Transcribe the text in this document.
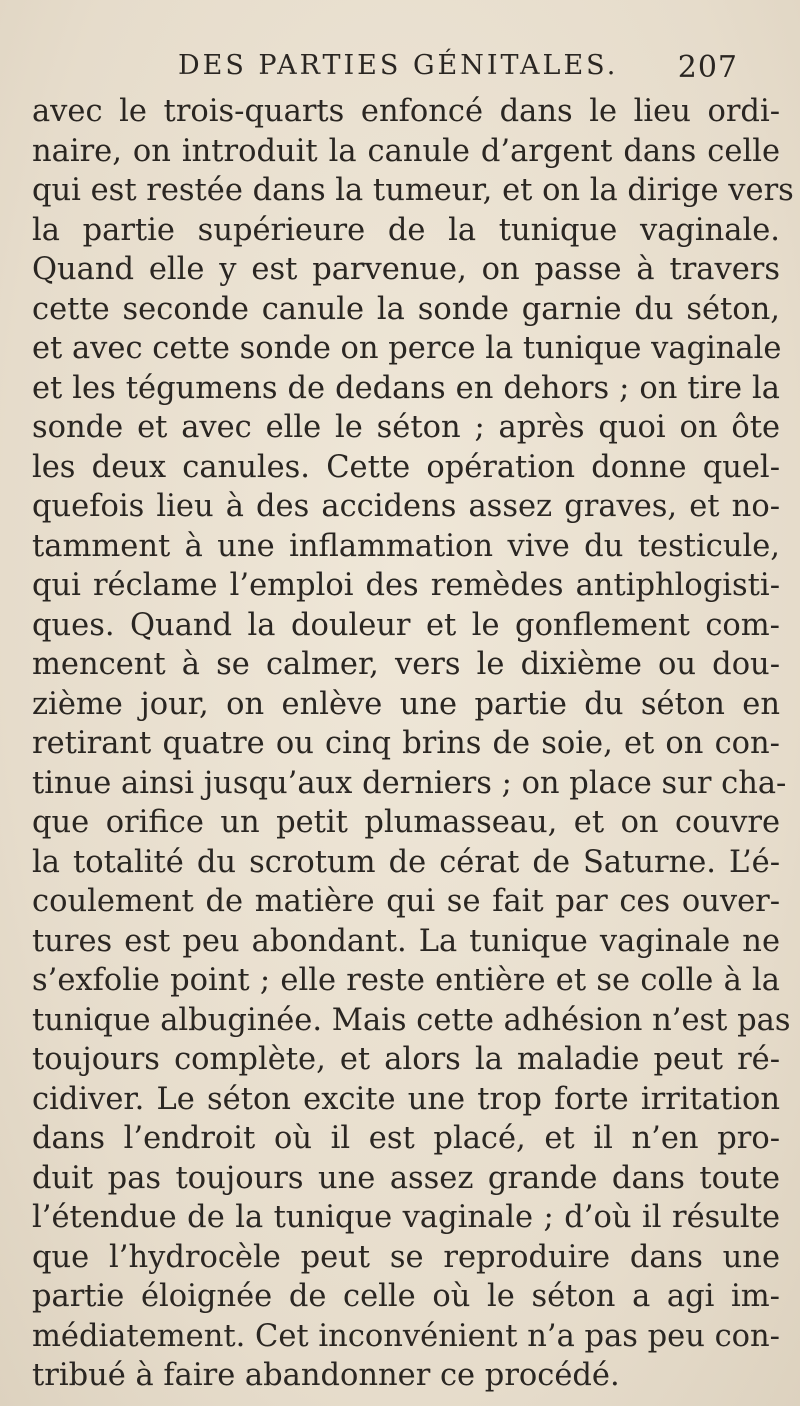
DES PARTIES GÉNITALES. 207
avec le trois-quarts enfoncé dans le lieu ordi-
naire, on introduit la canule d’argent dans celle
qui est restée dans la tumeur, et on la dirige vers
la partie supérieure de la tunique vaginale.
Quand elle y est parvenue, on passe à travers
cette seconde canule la sonde garnie du séton,
et avec cette sonde on perce la tunique vaginale
et les tégumens de dedans en dehors ; on tire la
sonde et avec elle le séton ; après quoi on ôte
les deux canules. Cette opération donne quel-
quefois lieu à des accidens assez graves, et no-
tamment à une inflammation vive du testicule,
qui réclame l’emploi des remèdes antiphlogisti-
ques. Quand la douleur et le gonflement com-
mencent à se calmer, vers le dixième ou dou-
zième jour, on enlève une partie du séton en
retirant quatre ou cinq brins de soie, et on con-
tinue ainsi jusqu’aux derniers ; on place sur cha-
que orifice un petit plumasseau, et on couvre
la totalité du scrotum de cérat de Saturne. L’é-
coulement de matière qui se fait par ces ouver-
tures est peu abondant. La tunique vaginale ne
s’exfolie point ; elle reste entière et se colle à la
tunique albuginée. Mais cette adhésion n’est pas
toujours complète, et alors la maladie peut ré-
cidiver. Le séton excite une trop forte irritation
dans l’endroit où il est placé, et il n’en pro-
duit pas toujours une assez grande dans toute
l’étendue de la tunique vaginale ; d’où il résulte
que l’hydrocèle peut se reproduire dans une
partie éloignée de celle où le séton a agi im-
médiatement. Cet inconvénient n’a pas peu con-
tribué à faire abandonner ce procédé.
